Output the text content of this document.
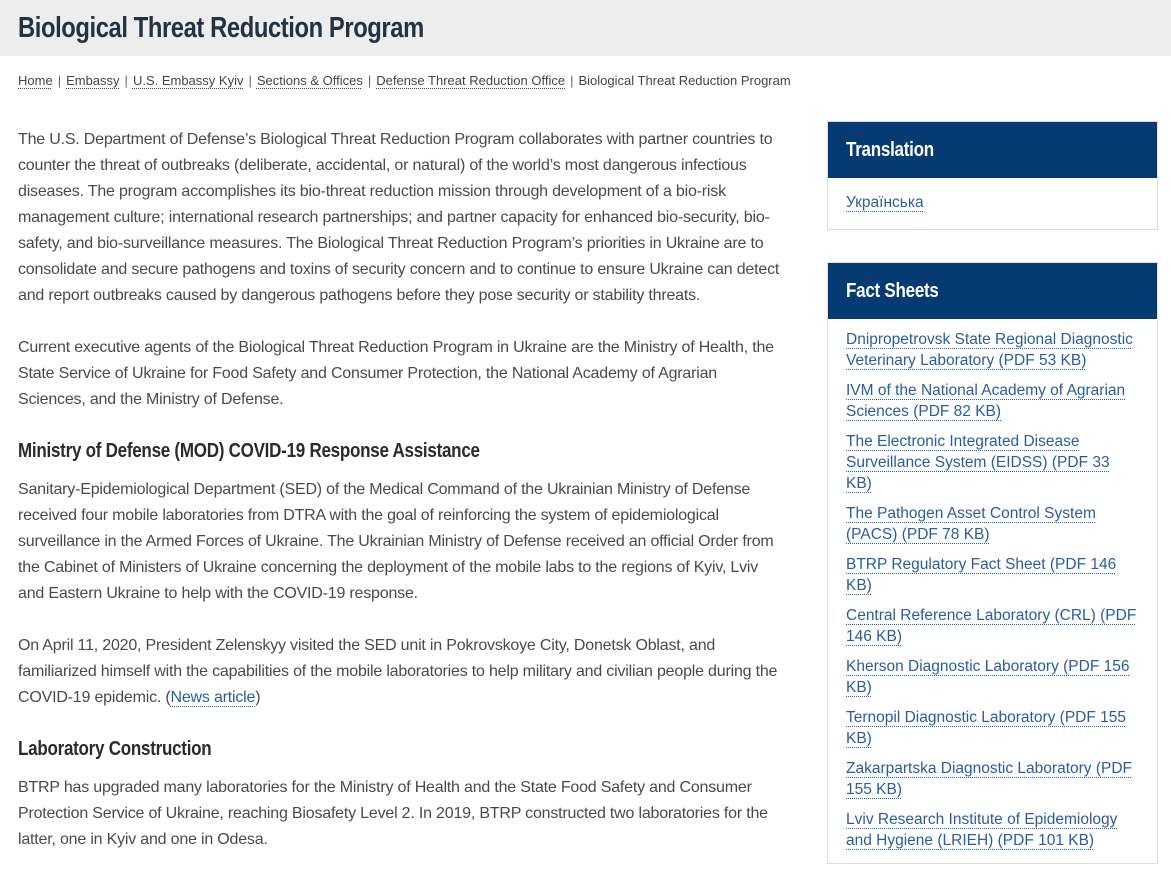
Biological Threat Reduction Program
Home | Embassy | U.S. Embassy Kyiv | Sections & Offices | Defense Threat Reduction Office | Biological Threat Reduction Program

The U.S. Department of Defense’s Biological Threat Reduction Program collaborates with partner countries to counter the threat of outbreaks (deliberate, accidental, or natural) of the world’s most dangerous infectious diseases. The program accomplishes its bio-threat reduction mission through development of a bio-risk management culture; international research partnerships; and partner capacity for enhanced bio-security, bio-safety, and bio-surveillance measures. The Biological Threat Reduction Program’s priorities in Ukraine are to consolidate and secure pathogens and toxins of security concern and to continue to ensure Ukraine can detect and report outbreaks caused by dangerous pathogens before they pose security or stability threats.

Current executive agents of the Biological Threat Reduction Program in Ukraine are the Ministry of Health, the State Service of Ukraine for Food Safety and Consumer Protection, the National Academy of Agrarian Sciences, and the Ministry of Defense.

Ministry of Defense (MOD) COVID-19 Response Assistance

Sanitary-Epidemiological Department (SED) of the Medical Command of the Ukrainian Ministry of Defense received four mobile laboratories from DTRA with the goal of reinforcing the system of epidemiological surveillance in the Armed Forces of Ukraine. The Ukrainian Ministry of Defense received an official Order from the Cabinet of Ministers of Ukraine concerning the deployment of the mobile labs to the regions of Kyiv, Lviv and Eastern Ukraine to help with the COVID-19 response.

On April 11, 2020, President Zelenskyy visited the SED unit in Pokrovskoye City, Donetsk Oblast, and familiarized himself with the capabilities of the mobile laboratories to help military and civilian people during the COVID-19 epidemic. (News article)

Laboratory Construction

BTRP has upgraded many laboratories for the Ministry of Health and the State Food Safety and Consumer Protection Service of Ukraine, reaching Biosafety Level 2. In 2019, BTRP constructed two laboratories for the latter, one in Kyiv and one in Odesa.

Translation
Українська
Fact Sheets
Dnipropetrovsk State Regional Diagnostic Veterinary Laboratory (PDF 53 KB)
IVM of the National Academy of Agrarian Sciences (PDF 82 KB)
The Electronic Integrated Disease Surveillance System (EIDSS) (PDF 33 KB)
The Pathogen Asset Control System (PACS) (PDF 78 KB)
BTRP Regulatory Fact Sheet (PDF 146 KB)
Central Reference Laboratory (CRL) (PDF 146 KB)
Kherson Diagnostic Laboratory (PDF 156 KB)
Ternopil Diagnostic Laboratory (PDF 155 KB)
Zakarpartska Diagnostic Laboratory (PDF 155 KB)
Lviv Research Institute of Epidemiology and Hygiene (LRIEH) (PDF 101 KB)
